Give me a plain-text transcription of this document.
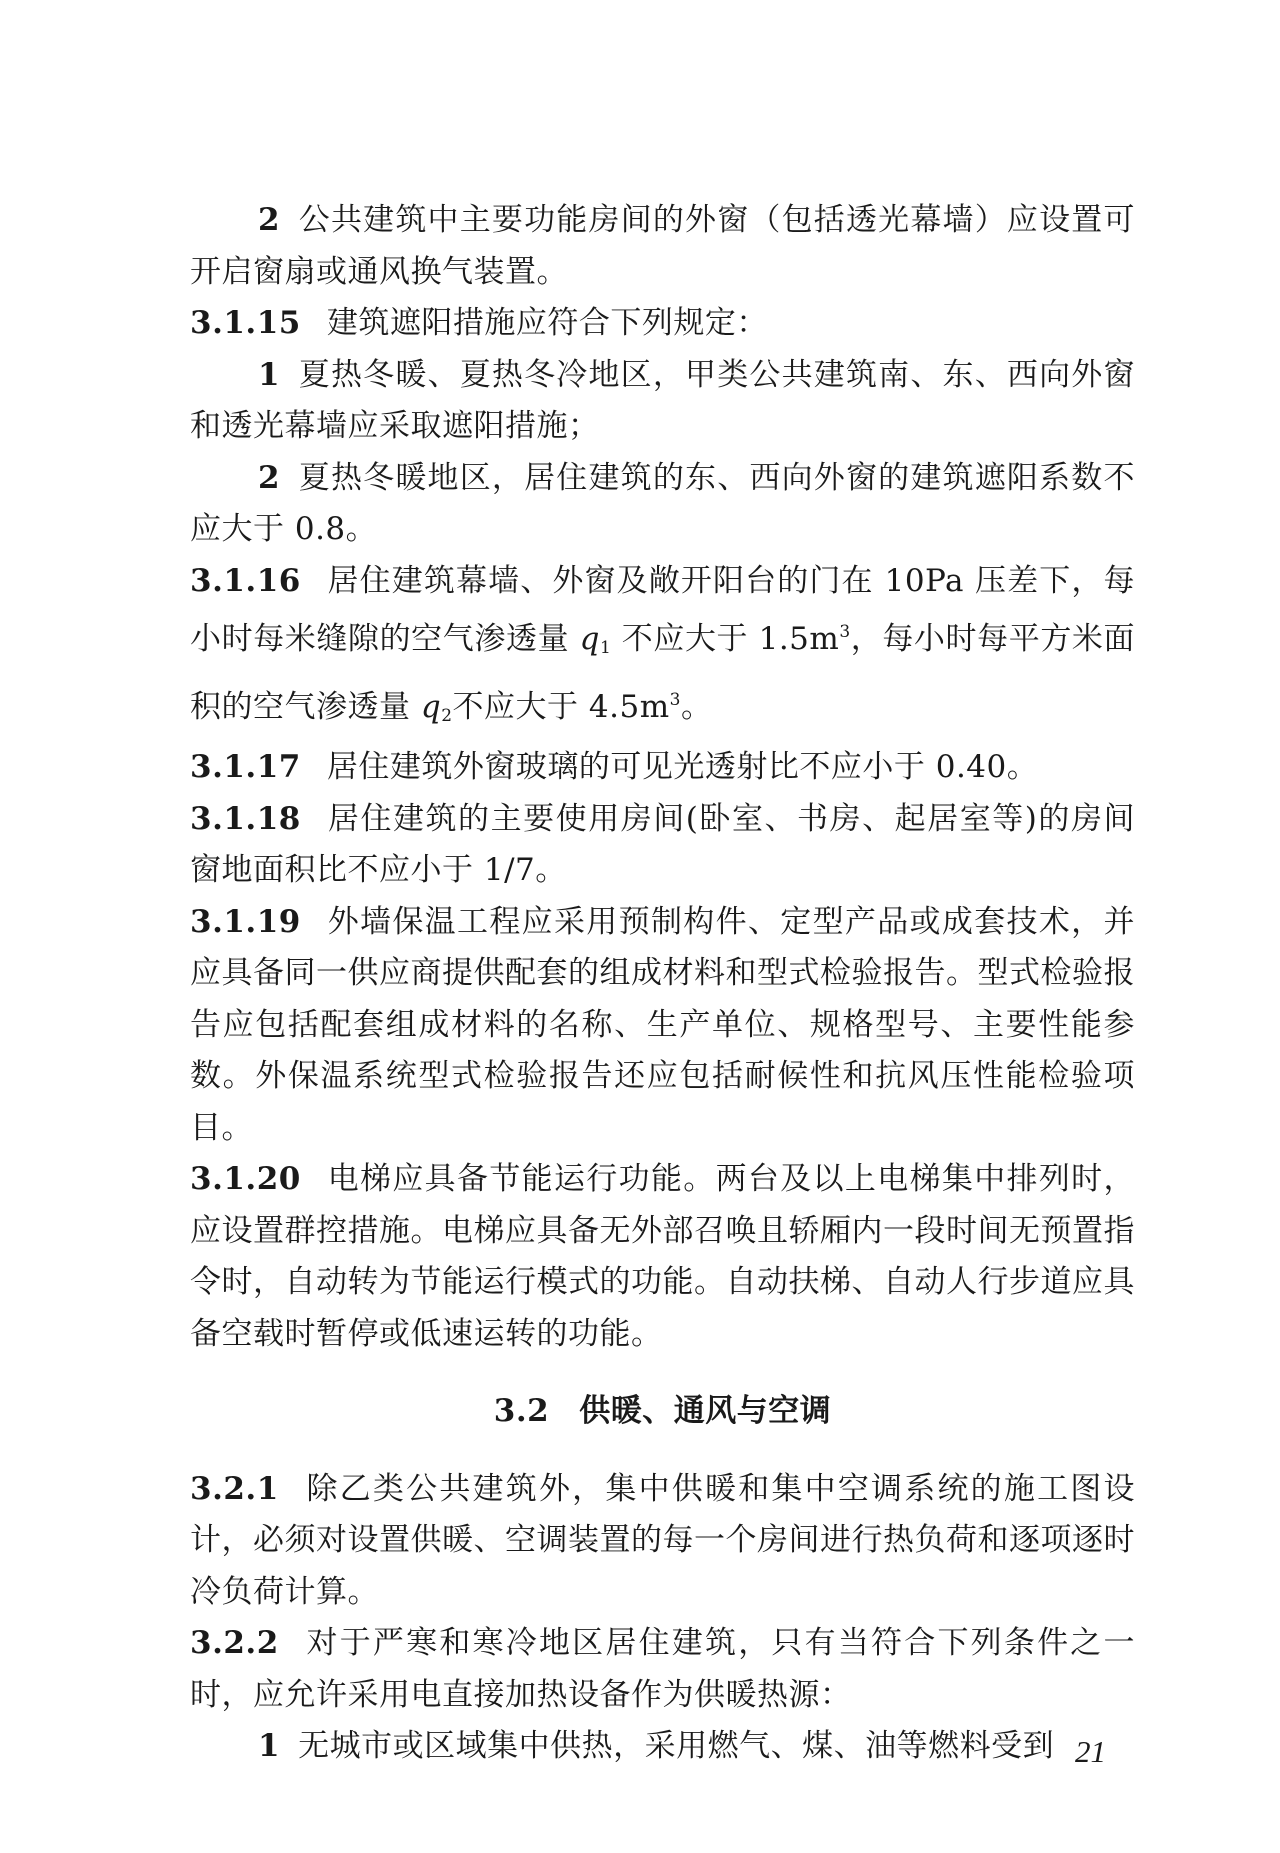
2 公共建筑中主要功能房间的外窗（包括透光幕墙）应设置可开启窗扇或通风换气装置。

3.1.15 建筑遮阳措施应符合下列规定：

1 夏热冬暖、夏热冬冷地区，甲类公共建筑南、东、西向外窗和透光幕墙应采取遮阳措施；

2 夏热冬暖地区，居住建筑的东、西向外窗的建筑遮阳系数不应大于 0.8。

3.1.16 居住建筑幕墙、外窗及敞开阳台的门在 10Pa 压差下，每小时每米缝隙的空气渗透量 $q_1$ 不应大于 $1.5m^3$，每小时每平方米面积的空气渗透量 $q_2$不应大于 $4.5m^3$。

3.1.17 居住建筑外窗玻璃的可见光透射比不应小于 0.40。

3.1.18 居住建筑的主要使用房间(卧室、书房、起居室等)的房间窗地面积比不应小于 1/7。

3.1.19 外墙保温工程应采用预制构件、定型产品或成套技术，并应具备同一供应商提供配套的组成材料和型式检验报告。型式检验报告应包括配套组成材料的名称、生产单位、规格型号、主要性能参数。外保温系统型式检验报告还应包括耐候性和抗风压性能检验项目。

3.1.20 电梯应具备节能运行功能。两台及以上电梯集中排列时，应设置群控措施。电梯应具备无外部召唤且轿厢内一段时间无预置指令时，自动转为节能运行模式的功能。自动扶梯、自动人行步道应具备空载时暂停或低速运转的功能。

3.2 供暖、通风与空调

3.2.1 除乙类公共建筑外，集中供暖和集中空调系统的施工图设计，必须对设置供暖、空调装置的每一个房间进行热负荷和逐项逐时冷负荷计算。

3.2.2 对于严寒和寒冷地区居住建筑，只有当符合下列条件之一时，应允许采用电直接加热设备作为供暖热源：

1 无城市或区域集中供热，采用燃气、煤、油等燃料受到 21
